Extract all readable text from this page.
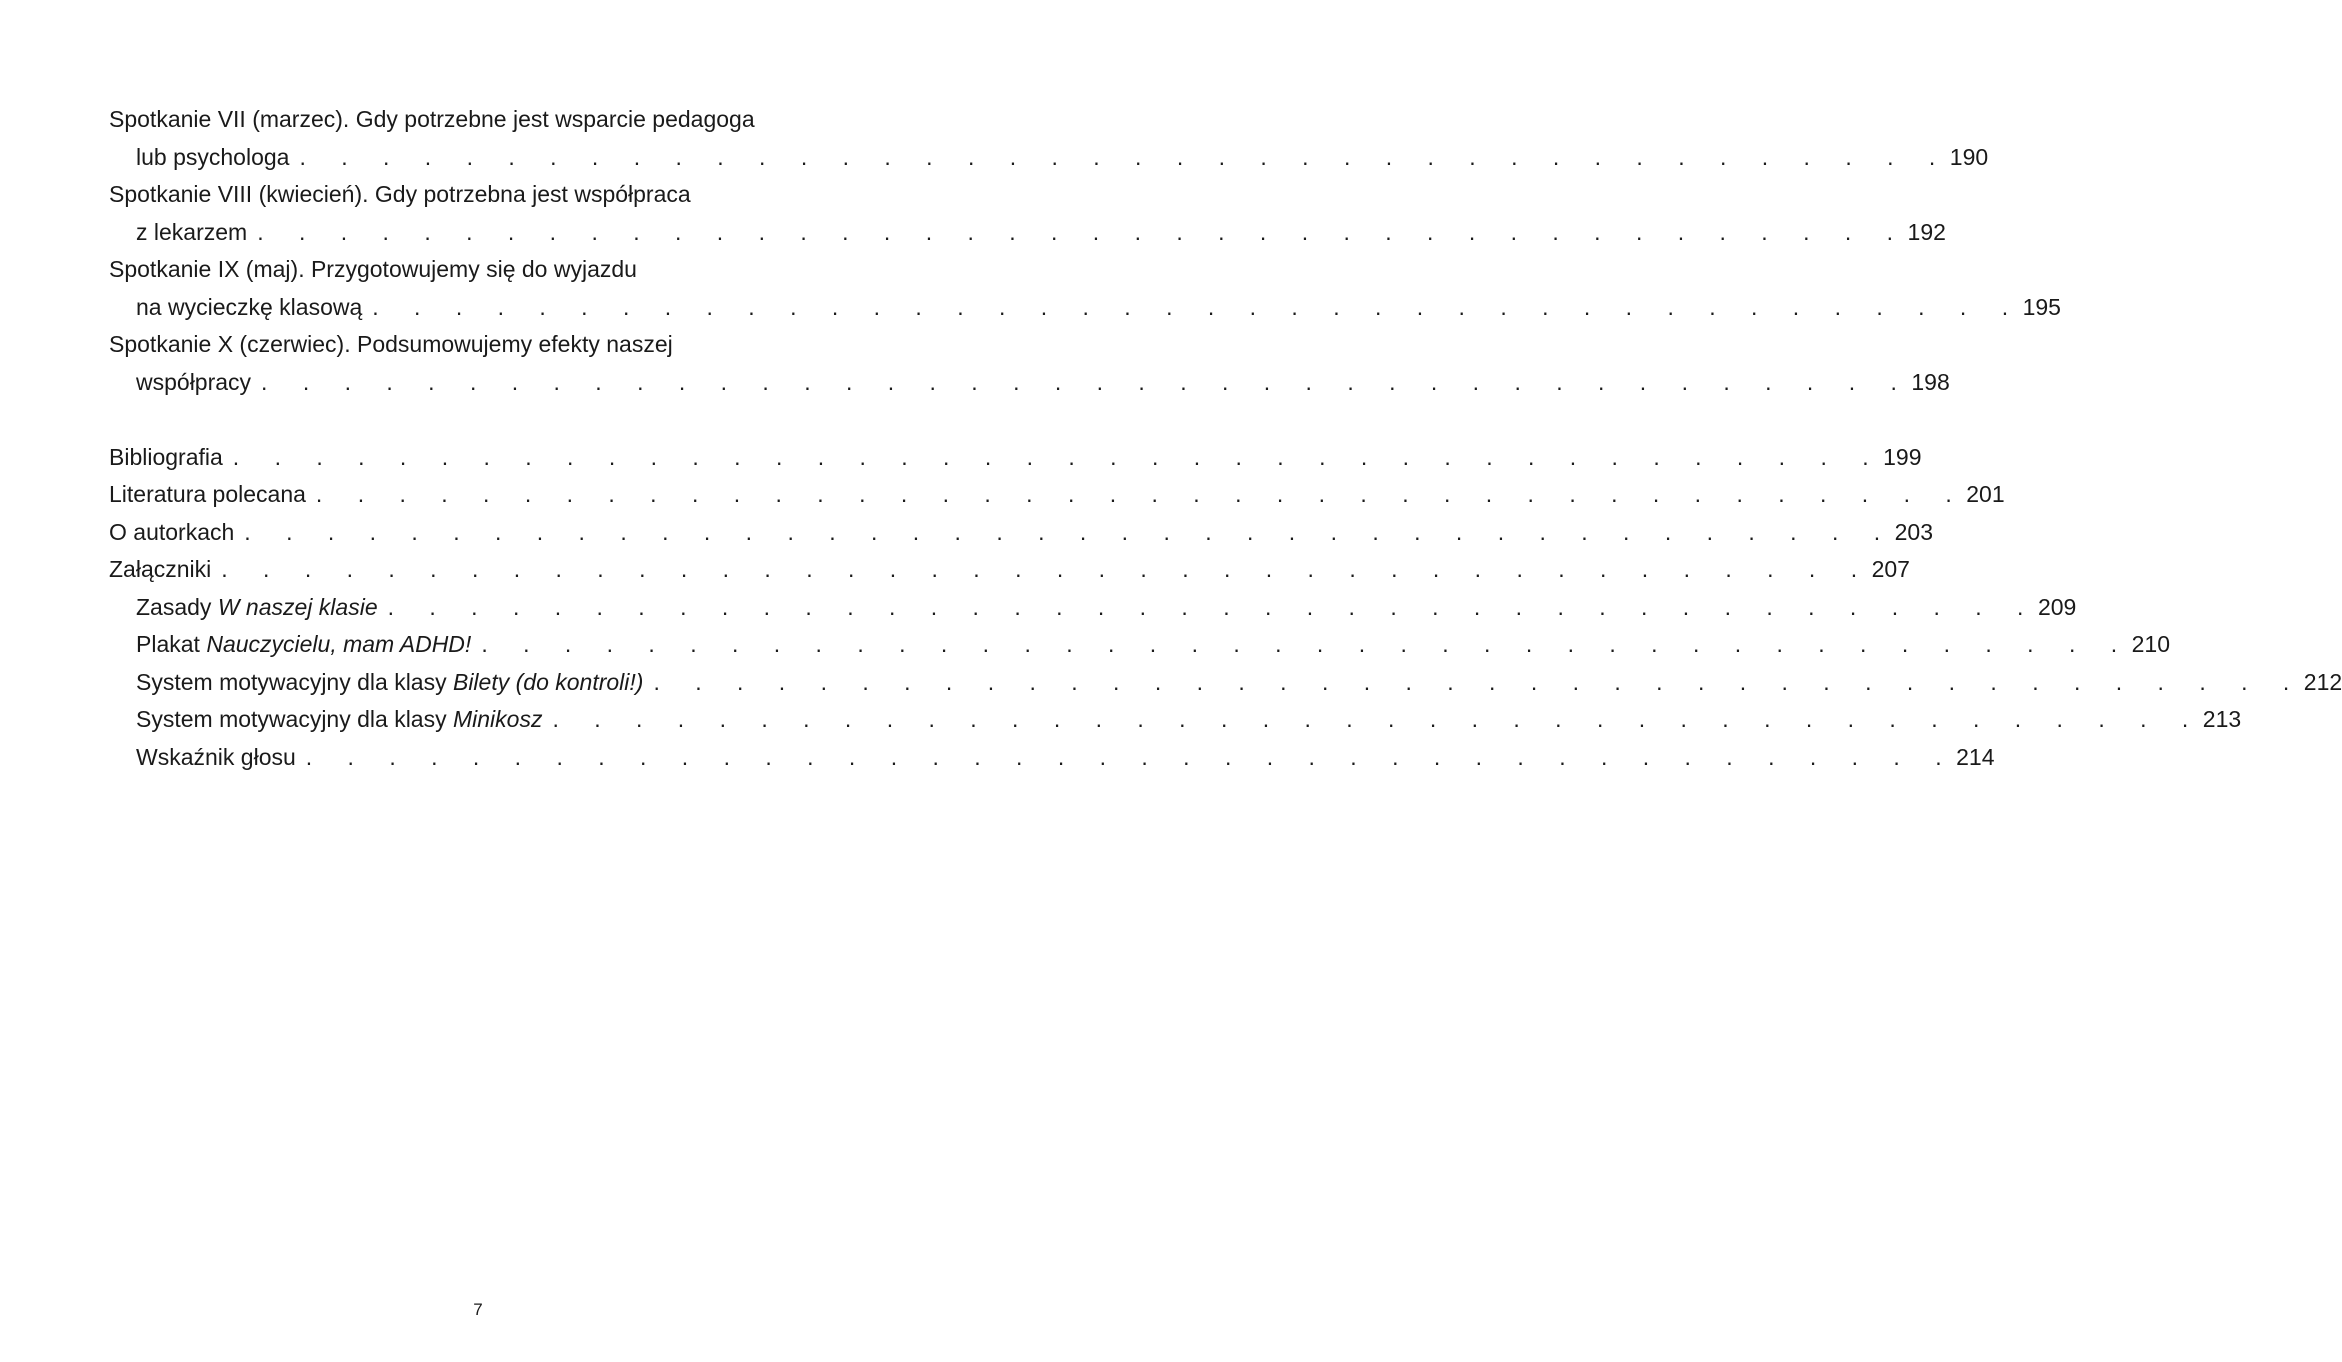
Spotkanie VII (marzec). Gdy potrzebne jest wsparcie pedagoga
lub psychologa . . . . . . . . . . . . . . . . . . . . . . . . . . . . . . . . . . . . . . . . 190
Spotkanie VIII (kwiecień). Gdy potrzebna jest współpraca
z lekarzem . . . . . . . . . . . . . . . . . . . . . . . . . . . . . . . . . . . . . . . . 192
Spotkanie IX (maj). Przygotowujemy się do wyjazdu
na wycieczkę klasową . . . . . . . . . . . . . . . . . . . . . . . . . . . . . . . . . . . . . . . . 195
Spotkanie X (czerwiec). Podsumowujemy efekty naszej
współpracy . . . . . . . . . . . . . . . . . . . . . . . . . . . . . . . . . . . . . . . . 198
Bibliografia . . . . . . . . . . . . . . . . . . . . . . . . . . . . . . . . . . . . . . . . 199
Literatura polecana . . . . . . . . . . . . . . . . . . . . . . . . . . . . . . . . . . . . . . . . 201
O autorkach . . . . . . . . . . . . . . . . . . . . . . . . . . . . . . . . . . . . . . . . 203
Załączniki . . . . . . . . . . . . . . . . . . . . . . . . . . . . . . . . . . . . . . . . 207
Zasady W naszej klasie . . . . . . . . . . . . . . . . . . . . . . . . . . . . . . . . . . . . . . . . 209
Plakat Nauczycielu, mam ADHD! . . . . . . . . . . . . . . . . . . . . . . . . . . . . . . . . . . . . . . . . 210
System motywacyjny dla klasy Bilety (do kontroli!) . . . . . . . . . . . . . . . . . . . . . . . . . . . . . . . . . . . . . . . . 212
System motywacyjny dla klasy Minikosz . . . . . . . . . . . . . . . . . . . . . . . . . . . . . . . . . . . . . . . . 213
Wskaźnik głosu . . . . . . . . . . . . . . . . . . . . . . . . . . . . . . . . . . . . . . . . 214
7
